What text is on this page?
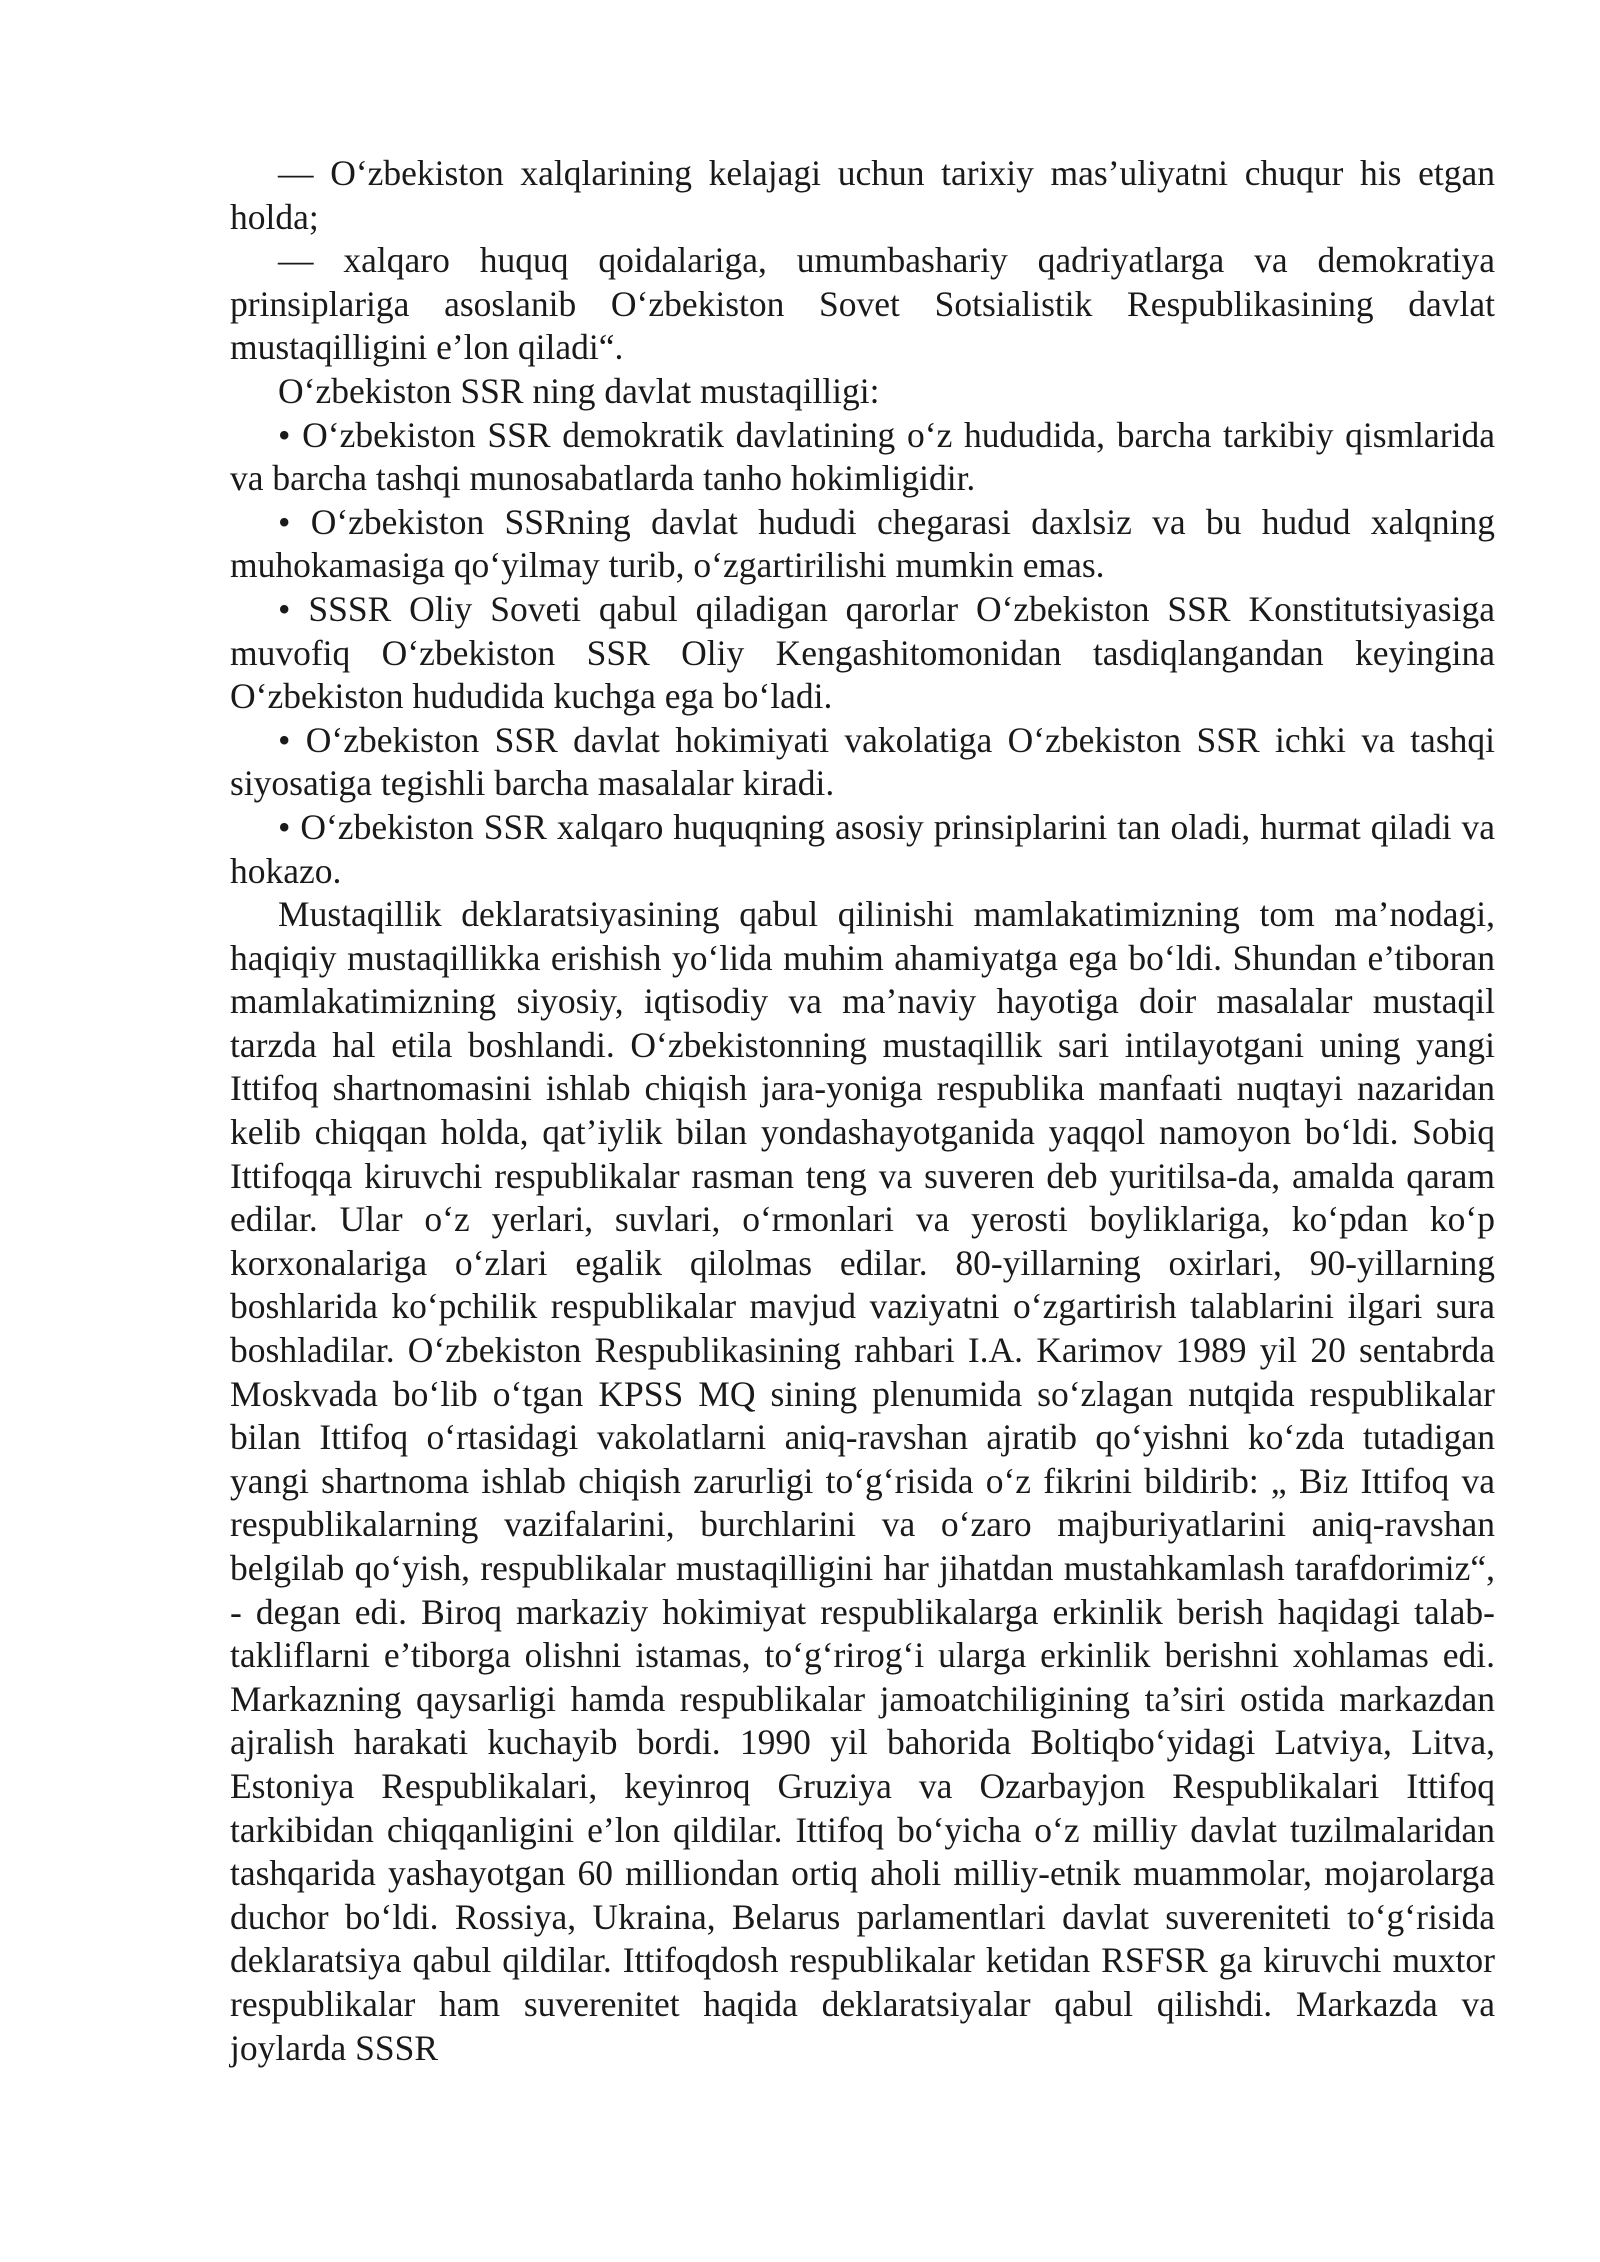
— O‘zbekiston xalqlarining kelajagi uchun tarixiy mas’uliyatni chuqur his etgan holda;

— xalqaro huquq qoidalariga, umumbashariy qadriyatlarga va demokratiya prinsiplariga asoslanib O‘zbekiston Sovet Sotsialistik Respublikasining davlat mustaqilligini e’lon qiladi“.

O‘zbekiston SSR ning davlat mustaqilligi:

• O‘zbekiston SSR demokratik davlatining o‘z hududida, barcha tarkibiy qismlarida va barcha tashqi munosabatlarda tanho hokimligidir.

• O‘zbekiston SSRning davlat hududi chegarasi daxlsiz va bu hudud xalqning muhokamasiga qo‘yilmay turib, o‘zgartirilishi mumkin emas.

• SSSR Oliy Soveti qabul qiladigan qarorlar O‘zbekiston SSR Konstitutsiyasiga muvofiq O‘zbekiston SSR Oliy Kengashitomonidan tasdiqlangandan keyingina O‘zbekiston hududida kuchga ega bo‘ladi.

• O‘zbekiston SSR davlat hokimiyati vakolatiga O‘zbekiston SSR ichki va tashqi siyosatiga tegishli barcha masalalar kiradi.

• O‘zbekiston SSR xalqaro huquqning asosiy prinsiplarini tan oladi, hurmat qiladi va hokazo.

Mustaqillik deklaratsiyasining qabul qilinishi mamlakatimizning tom ma’nodagi, haqiqiy mustaqillikka erishish yo‘lida muhim ahamiyatga ega bo‘ldi. Shundan e’tiboran mamlakatimizning siyosiy, iqtisodiy va ma’naviy hayotiga doir masalalar mustaqil tarzda hal etila boshlandi. O‘zbekistonning mustaqillik sari intilayotgani uning yangi Ittifoq shartnomasini ishlab chiqish jara-yoniga respublika manfaati nuqtayi nazaridan kelib chiqqan holda, qat’iylik bilan yondashayotganida yaqqol namoyon bo‘ldi. Sobiq Ittifoqqa kiruvchi respublikalar rasman teng va suveren deb yuritilsa-da, amalda qaram edilar. Ular o‘z yerlari, suvlari, o‘rmonlari va yerosti boyliklariga, ko‘pdan ko‘p korxonalariga o‘zlari egalik qilolmas edilar. 80-yillarning oxirlari, 90-yillarning boshlarida ko‘pchilik respublikalar mavjud vaziyatni o‘zgartirish talablarini ilgari sura boshladilar. O‘zbekiston Respublikasining rahbari I.A. Karimov 1989 yil 20 sentabrda Moskvada bo‘lib o‘tgan KPSS MQ sining plenumida so‘zlagan nutqida respublikalar bilan Ittifoq o‘rtasidagi vakolatlarni aniq-ravshan ajratib qo‘yishni ko‘zda tutadigan yangi shartnoma ishlab chiqish zarurligi to‘g‘risida o‘z fikrini bildirib: „ Biz Ittifoq va respublikalarning vazifalarini, burchlarini va o‘zaro majburiyatlarini aniq-ravshan belgilab qo‘yish, respublikalar mustaqilligini har jihatdan mustahkamlash tarafdorimiz“, - degan edi. Biroq markaziy hokimiyat respublikalarga erkinlik berish haqidagi talab-takliflarni e’tiborga olishni istamas, to‘g‘rirog‘i ularga erkinlik berishni xohlamas edi. Markazning qaysarligi hamda respublikalar jamoatchiligining ta’siri ostida markazdan ajralish harakati kuchayib bordi. 1990 yil bahorida Boltiqbo‘yidagi Latviya, Litva, Estoniya Respublikalari, keyinroq Gruziya va Ozarbayjon Respublikalari Ittifoq tarkibidan chiqqanligini e’lon qildilar. Ittifoq bo‘yicha o‘z milliy davlat tuzilmalaridan tashqarida yashayotgan 60 milliondan ortiq aholi milliy-etnik muammolar, mojarolarga duchor bo‘ldi. Rossiya, Ukraina, Belarus parlamentlari davlat suvereniteti to‘g‘risida deklaratsiya qabul qildilar. Ittifoqdosh respublikalar ketidan RSFSR ga kiruvchi muxtor respublikalar ham suverenitet haqida deklaratsiyalar qabul qilishdi. Markazda va joylarda SSSR
